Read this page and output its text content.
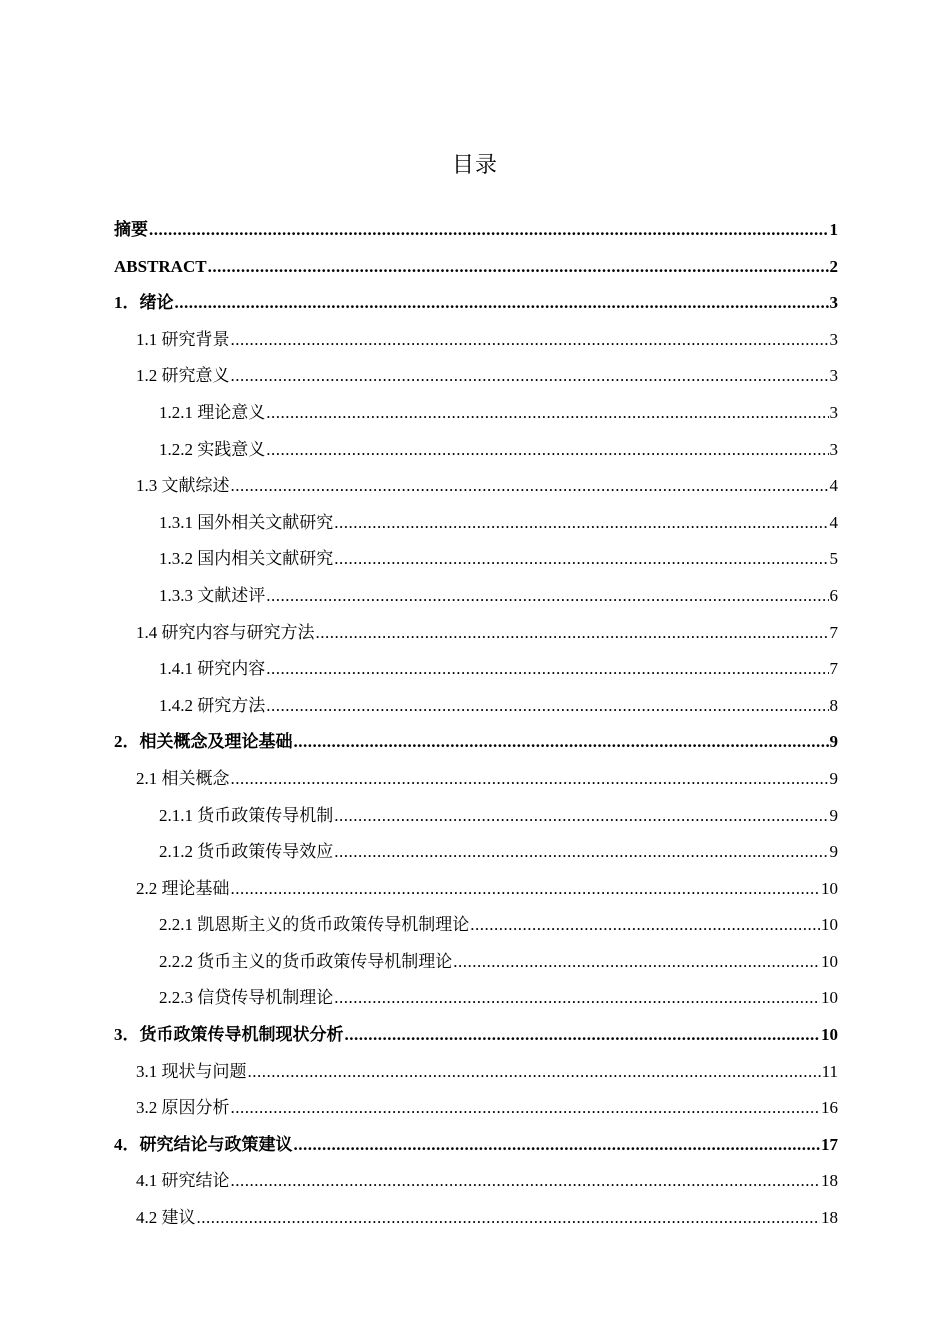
目录
摘要 .....	1
ABSTRACT .....	2
1．绪论 .....	3
1.1 研究背景 .....	3
1.2 研究意义 .....	3
1.2.1 理论意义 .....	3
1.2.2 实践意义 .....	3
1.3 文献综述 .....	4
1.3.1 国外相关文献研究 .....	4
1.3.2 国内相关文献研究 .....	5
1.3.3 文献述评 .....	6
1.4 研究内容与研究方法 .....	7
1.4.1 研究内容 .....	7
1.4.2 研究方法 .....	8
2．相关概念及理论基础 .....	9
2.1 相关概念 .....	9
2.1.1 货币政策传导机制 .....	9
2.1.2 货币政策传导效应 .....	9
2.2 理论基础 .....	10
2.2.1 凯恩斯主义的货币政策传导机制理论 .....	10
2.2.2 货币主义的货币政策传导机制理论 .....	10
2.2.3 信贷传导机制理论 .....	10
3．货币政策传导机制现状分析 .....	10
3.1 现状与问题 .....	11
3.2 原因分析 .....	16
4．研究结论与政策建议 .....	17
4.1 研究结论 .....	18
4.2 建议 .....	18
